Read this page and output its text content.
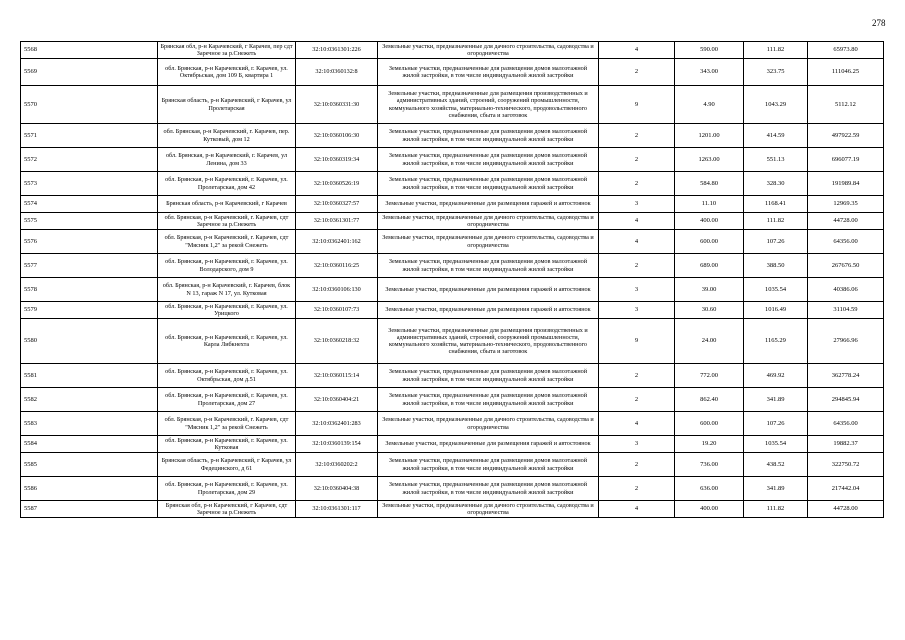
278
5568	Брянская обл, р-н Карачевский, г Карачев, пер сдт Заречное за р.Снежеть	32:10:0361301:226	Земельные участки, предназначенные для дачного строительства, садоводства и огородничества	4	590.00	111.82	65973.80
5569	обл. Брянская, р-н Карачевский, г. Карачев, ул. Октябрьская, дом 109 Б, квартира 1	32:10:0360132:8	Земельные участки, предназначенные для размещения домов малоэтажной жилой застройки, в том числе индивидуальной жилой застройки	2	343.00	323.75	111046.25
5570	Брянская область, р-н Карачевский, г Карачев, ул Пролетарская	32:10:0360331:30	Земельные участки, предназначенные для размещения производственных и административных зданий, строений, сооружений промышленности, коммунального хозяйства, материально-технического, продовольственного снабжения, сбыта и заготовок	9	4.90	1043.29	5112.12
5571	обл. Брянская, р-н Карачевский, г. Карачев, пер. Кутковый, дом 12	32:10:0360106:30	Земельные участки, предназначенные для размещения домов малоэтажной жилой застройки, в том числе индивидуальной жилой застройки	2	1201.00	414.59	497922.59
5572	обл. Брянская, р-н Карачевский, г. Карачев, ул Ленина, дом 33	32:10:0360319:34	Земельные участки, предназначенные для размещения домов малоэтажной жилой застройки, в том числе индивидуальной жилой застройки	2	1263.00	551.13	696077.19
5573	обл. Брянская, р-н Карачевский, г. Карачев, ул. Пролетарская, дом 42	32:10:0360526:19	Земельные участки, предназначенные для размещения домов малоэтажной жилой застройки, в том числе индивидуальной жилой застройки	2	584.80	328.30	191989.84
5574	Брянская область, р-н Карачевский, г Карачев	32:10:0360327:57	Земельные участки, предназначенные для размещения гаражей и автостоянок	3	11.10	1168.41	12969.35
5575	обл. Брянская, р-н Карачевский, г. Карачев, сдт Заречное за р.Снежеть	32:10:0361301:77	Земельные участки, предназначенные для дачного строительства, садоводства и огородничества	4	400.00	111.82	44728.00
5576	обл. Брянская, р-н Карачевский, г. Карачев, сдт "Мясник 1,2" за рекой Снежеть	32:10:0362401:162	Земельные участки, предназначенные для дачного строительства, садоводства и огородничества	4	600.00	107.26	64356.00
5577	обл. Брянская, р-н Карачевский, г. Карачев, ул. Володарского, дом 9	32:10:0360116:25	Земельные участки, предназначенные для размещения домов малоэтажной жилой застройки, в том числе индивидуальной жилой застройки	2	689.00	388.50	267676.50
5578	обл. Брянская, р-н Карачевский, г. Карачев, блок N 13, гараж N 17, ул. Кутковая	32:10:0360106:130	Земельные участки, предназначенные для размещения гаражей и автостоянок	3	39.00	1035.54	40386.06
5579	обл. Брянская, р-н Карачевский, г. Карачев, ул. Урицкого	32:10:0360107:73	Земельные участки, предназначенные для размещения гаражей и автостоянок	3	30.60	1016.49	31104.59
5580	обл. Брянская, р-н Карачевский, г. Карачев, ул. Карла Либкнехта	32:10:0360218:32	Земельные участки, предназначенные для размещения производственных и административных зданий, строений, сооружений промышленности, коммунального хозяйства, материально-технического, продовольственного снабжения, сбыта и заготовок	9	24.00	1165.29	27966.96
5581	обл. Брянская, р-н Карачевский, г. Карачев, ул. Октябрьская, дом д.51	32:10:0360115:14	Земельные участки, предназначенные для размещения домов малоэтажной жилой застройки, в том числе индивидуальной жилой застройки	2	772.00	469.92	362778.24
5582	обл. Брянская, р-н Карачевский, г. Карачев, ул. Пролетарская, дом 27	32:10:0360404:21	Земельные участки, предназначенные для размещения домов малоэтажной жилой застройки, в том числе индивидуальной жилой застройки	2	862.40	341.89	294845.94
5583	обл. Брянская, р-н Карачевский, г. Карачев, сдт "Мясник 1,2" за рекой Снежеть	32:10:0362401:283	Земельные участки, предназначенные для дачного строительства, садоводства и огородничества	4	600.00	107.26	64356.00
5584	обл. Брянская, р-н Карачевский, г. Карачев, ул. Кутковая	32:10:0360139:154	Земельные участки, предназначенные для размещения гаражей и автостоянок	3	19.20	1035.54	19882.37
5585	Брянская область, р-н Карачевский, г Карачев, ул Федецинского, д 61	32:10:0360202:2	Земельные участки, предназначенные для размещения домов малоэтажной жилой застройки, в том числе индивидуальной жилой застройки	2	736.00	438.52	322750.72
5586	обл. Брянская, р-н Карачевский, г. Карачев, ул. Пролетарская, дом 29	32:10:0360404:38	Земельные участки, предназначенные для размещения домов малоэтажной жилой застройки, в том числе индивидуальной жилой застройки	2	636.00	341.89	217442.04
5587	Брянская обл, р-н Карачевский, г Карачев, сдт Заречное за р.Снежеть	32:10:0361301:117	Земельные участки, предназначенные для дачного строительства, садоводства и огородничества	4	400.00	111.82	44728.00
